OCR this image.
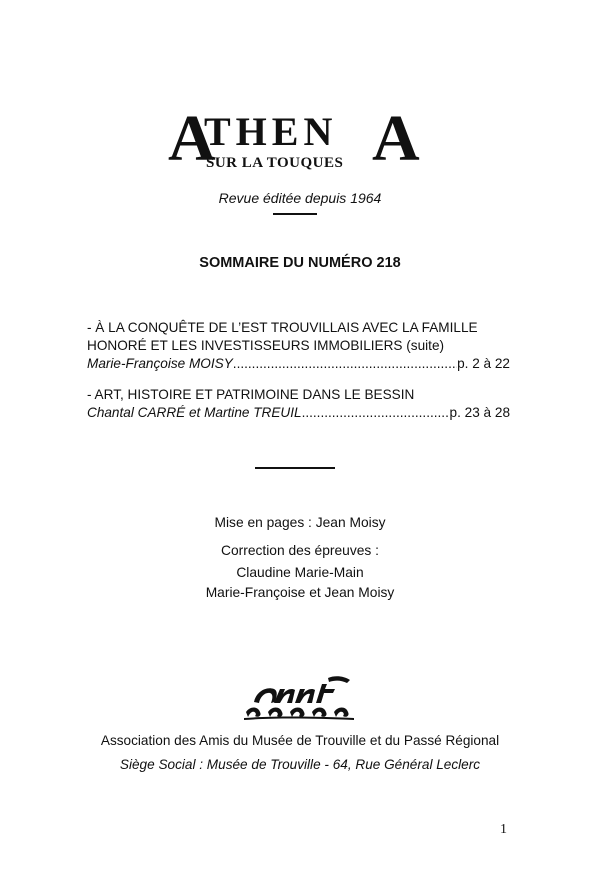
A
THEN
SUR LA TOUQUES A
Revue éditée depuis 1964
SOMMAIRE DU NUMÉRO 218
- À LA CONQUÊTE DE L’EST TROUVILLAIS AVEC LA FAMILLE
HONORÉ ET LES INVESTISSEURS IMMOBILIERS (suite)
Marie-Françoise MOISY .....	p. 2 à 22
- ART, HISTOIRE ET PATRIMOINE DANS LE BESSIN
Chantal CARRÉ et Martine TREUIL .....	p. 23 à 28
Mise en pages : Jean Moisy
Correction des épreuves :
Claudine Marie-Main
Marie-Françoise et Jean Moisy
Association des Amis du Musée de Trouville et du Passé Régional
Siège Social : Musée de Trouville - 64, Rue Général Leclerc
1
